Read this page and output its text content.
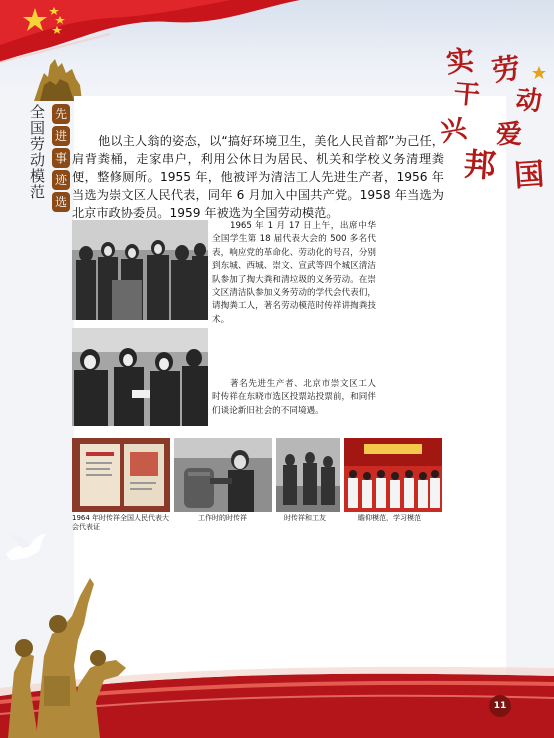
劳
动
爱
国
实
干
兴
邦
全国劳动模范 先
进
事
迹
选

他以主人翁的姿态，以“搞好环境卫生，美化人民首都”为己任，肩背粪桶，走家串户，利用公休日为居民、机关和学校义务清理粪便，整修厕所。1955 年，他被评为清洁工人先进生产者，1956 年当选为崇文区人民代表，同年 6 月加入中国共产党。1958 年当选为北京市政协委员。1959 年被选为全国劳动模范。

1965 年 1 月 17 日上午，出席中华全国学生第 18 届代表大会的 500 多名代表，响应党的革命化、劳动化的号召，分别到东城、西城、崇文、宣武等四个城区清洁队参加了掏大粪和清垃圾的义务劳动。在崇文区清洁队参加义务劳动的学代会代表们，请掏粪工人，著名劳动模范时传祥讲掏粪技术。

著名先进生产者、北京市崇文区工人时传祥在东晓市选区投票站投票前，和同伴们谈论新旧社会的不同境遇。

1964 年时传祥全国人民代表大会代表证

工作时的时传祥	时传祥和工友	瞻仰模范，学习模范

11
